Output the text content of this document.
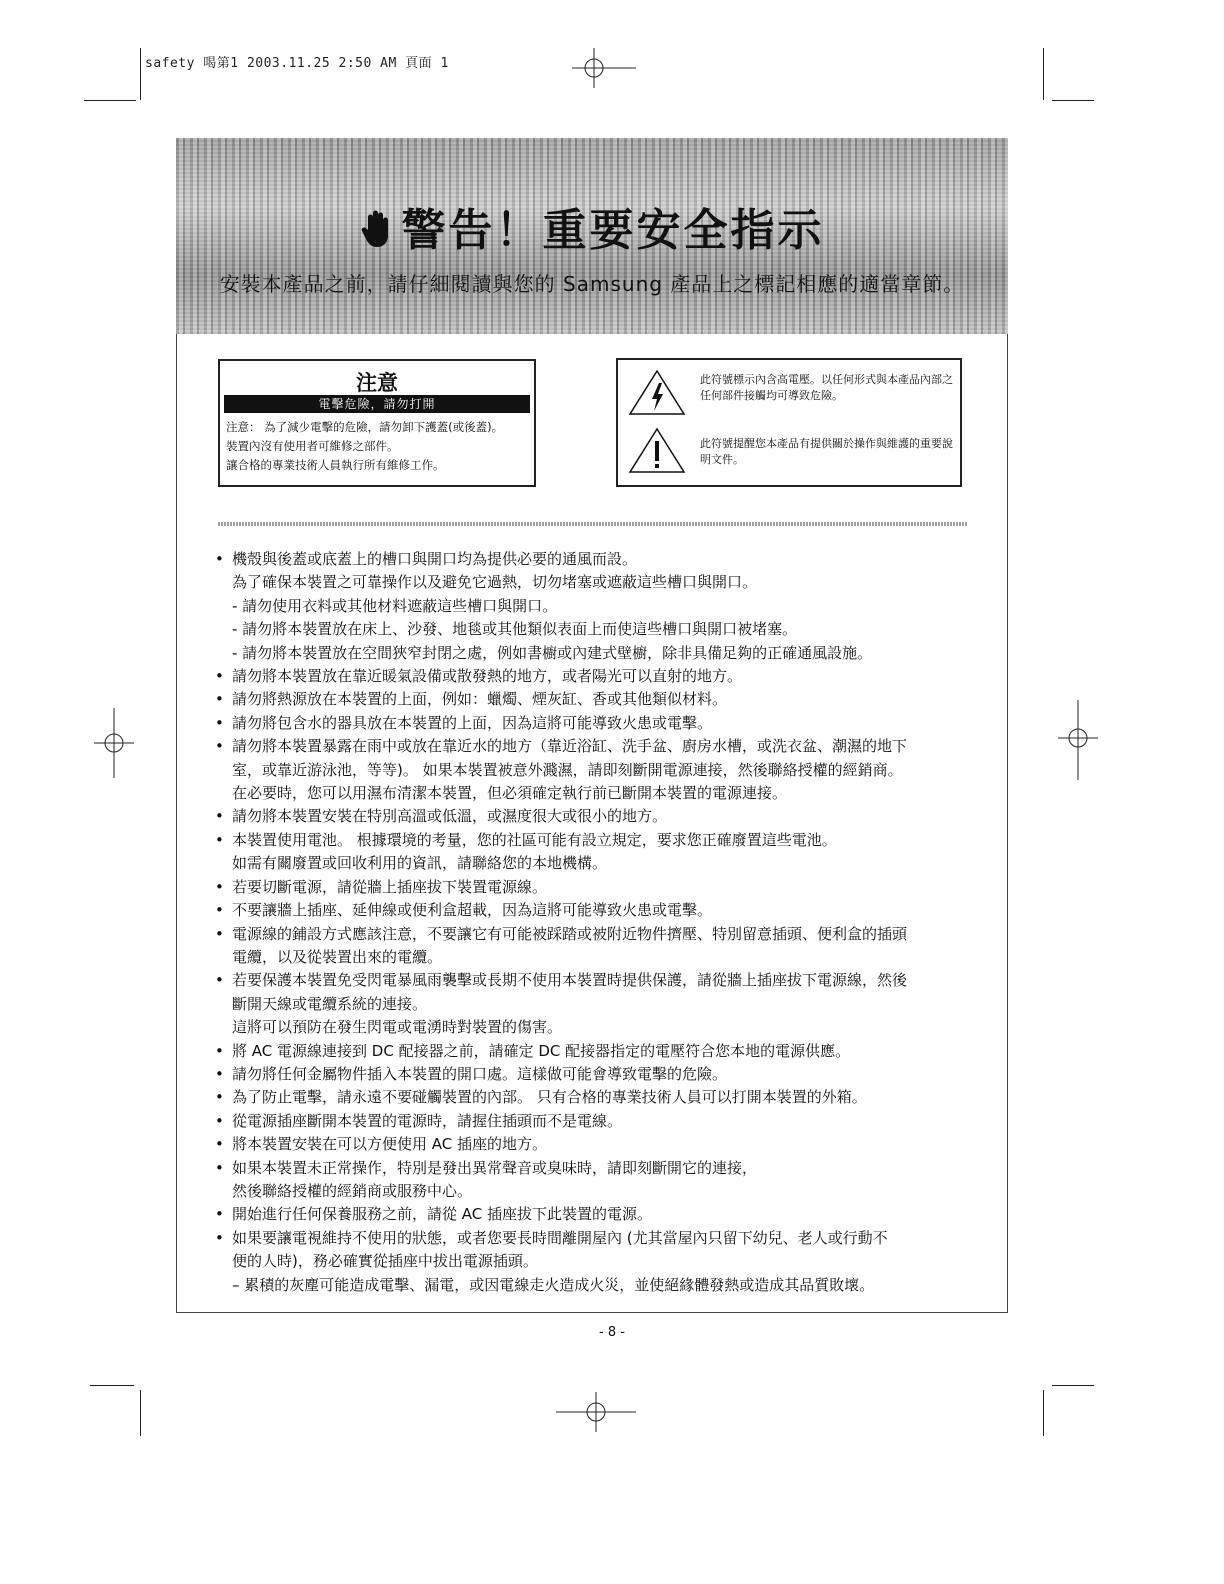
safety 喝第1 2003.11.25 2:50 AM 頁面 1
警告！重要安全指示
安裝本產品之前，請仔細閱讀與您的 Samsung 產品上之標記相應的適當章節。
注意
電擊危險，請勿打開
注意： 為了減少電擊的危險，請勿卸下護蓋(或後蓋)。
裝置內沒有使用者可維修之部件。
讓合格的專業技術人員執行所有維修工作。
此符號標示內含高電壓。以任何形式與本產品內部之任何部件接觸均可導致危險。
此符號提醒您本產品有提供關於操作與維護的重要說明文件。
• 機殼與後蓋或底蓋上的槽口與開口均為提供必要的通風而設。
為了確保本裝置之可靠操作以及避免它過熱，切勿堵塞或遮蔽這些槽口與開口。
- 請勿使用衣料或其他材料遮蔽這些槽口與開口。
- 請勿將本裝置放在床上、沙發、地毯或其他類似表面上而使這些槽口與開口被堵塞。
- 請勿將本裝置放在空間狹窄封閉之處，例如書櫥或內建式壁櫥，除非具備足夠的正確通風設施。
• 請勿將本裝置放在靠近暖氣設備或散發熱的地方，或者陽光可以直射的地方。
• 請勿將熱源放在本裝置的上面，例如：蠟燭、煙灰缸、香或其他類似材料。
• 請勿將包含水的器具放在本裝置的上面，因為這將可能導致火患或電擊。
• 請勿將本裝置暴露在雨中或放在靠近水的地方（靠近浴缸、洗手盆、廚房水槽，或洗衣盆、潮濕的地下
室，或靠近游泳池，等等)。 如果本裝置被意外濺濕，請即刻斷開電源連接，然後聯絡授權的經銷商。
在必要時，您可以用濕布清潔本裝置，但必須確定執行前已斷開本裝置的電源連接。
• 請勿將本裝置安裝在特別高溫或低溫，或濕度很大或很小的地方。
• 本裝置使用電池。 根據環境的考量，您的社區可能有設立規定，要求您正確廢置這些電池。
如需有關廢置或回收利用的資訊，請聯絡您的本地機構。
• 若要切斷電源，請從牆上插座拔下裝置電源線。
• 不要讓牆上插座、延伸線或便利盒超載，因為這將可能導致火患或電擊。
• 電源線的鋪設方式應該注意，不要讓它有可能被踩踏或被附近物件擠壓、特別留意插頭、便利盒的插頭
電纜，以及從裝置出來的電纜。
• 若要保護本裝置免受閃電暴風雨襲擊或長期不使用本裝置時提供保護，請從牆上插座拔下電源線，然後
斷開天線或電纜系統的連接。
這將可以預防在發生閃電或電湧時對裝置的傷害。
• 將 AC 電源線連接到 DC 配接器之前，請確定 DC 配接器指定的電壓符合您本地的電源供應。
• 請勿將任何金屬物件插入本裝置的開口處。這樣做可能會導致電擊的危險。
• 為了防止電擊，請永遠不要碰觸裝置的內部。 只有合格的專業技術人員可以打開本裝置的外箱。
• 從電源插座斷開本裝置的電源時，請握住插頭而不是電線。
• 將本裝置安裝在可以方便使用 AC 插座的地方。
• 如果本裝置未正常操作，特別是發出異常聲音或臭味時，請即刻斷開它的連接，
然後聯絡授權的經銷商或服務中心。
• 開始進行任何保養服務之前，請從 AC 插座拔下此裝置的電源。
• 如果要讓電視維持不使用的狀態，或者您要長時間離開屋內 (尤其當屋內只留下幼兒、老人或行動不
便的人時)，務必確實從插座中拔出電源插頭。
– 累積的灰塵可能造成電擊、漏電，或因電線走火造成火災，並使絕緣體發熱或造成其品質敗壞。
- 8 -
